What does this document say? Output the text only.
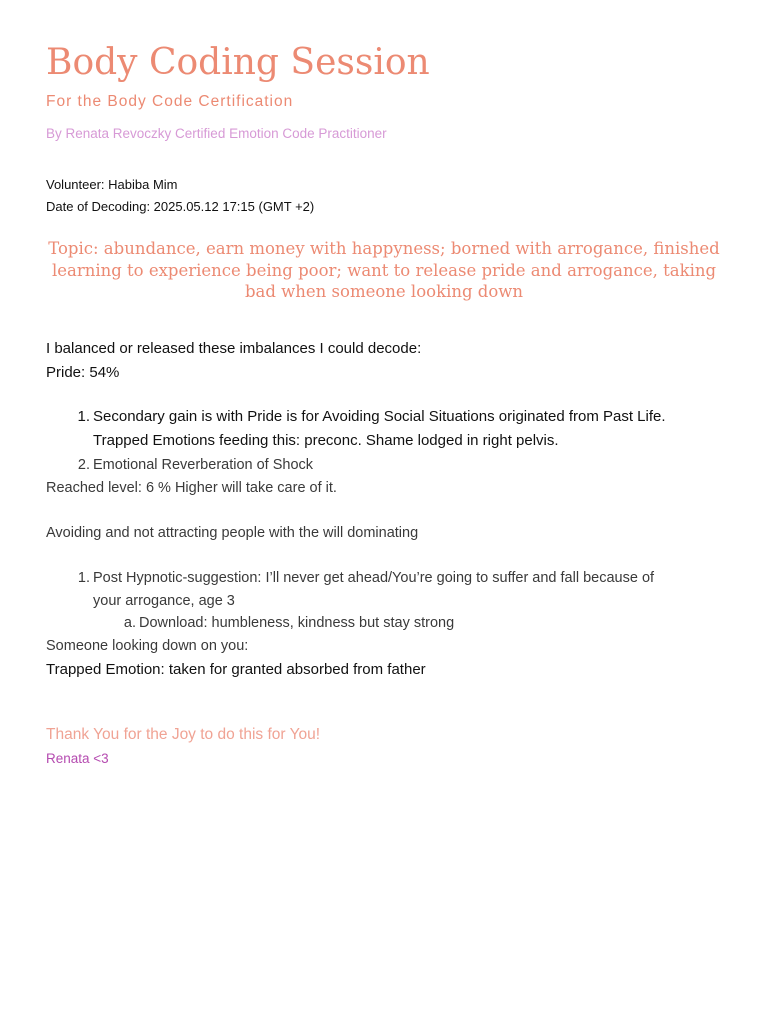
Body Coding Session
For the Body Code Certification
By Renata Revoczky Certified Emotion Code Practitioner
Volunteer: Habiba Mim
Date of Decoding: 2025.05.12 17:15 (GMT +2)
Topic: abundance, earn money with happyness; borned with arrogance, finished learning to experience being poor; want to release pride and arrogance, taking bad when someone looking down
I balanced or released these imbalances I could decode:
Pride: 54%
1. Secondary gain is with Pride is for Avoiding Social Situations originated from Past Life.
Trapped Emotions feeding this: preconc. Shame lodged in right pelvis.
2. Emotional Reverberation of Shock
Reached level: 6 % Higher will take care of it.
Avoiding and not attracting people with the will dominating
1. Post Hypnotic-suggestion: I’ll never get ahead/You’re going to suffer and fall because of
your arrogance, age 3
a. Download: humbleness, kindness but stay strong
Someone looking down on you:
Trapped Emotion: taken for granted absorbed from father
Thank You for the Joy to do this for You!
Renata <3
